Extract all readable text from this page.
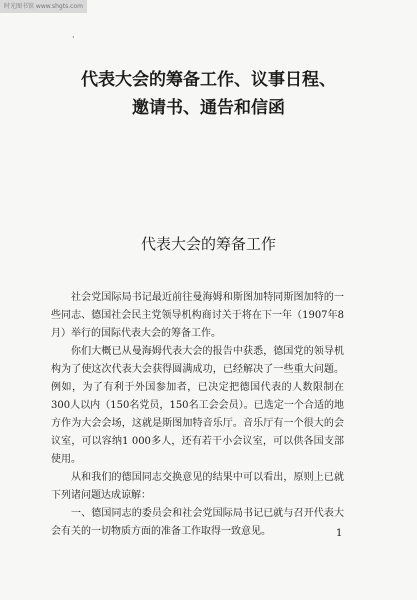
时光图书馆 www.shgts.com
·
代表大会的筹备工作、议事日程、
邀请书、通告和信函
代表大会的筹备工作

社会党国际局书记最近前往曼海姆和斯图加特同斯图加特的一些同志、德国社会民主党领导机构商讨关于将在下一年（1907年8月）举行的国际代表大会的筹备工作。

你们大概已从曼海姆代表大会的报告中获悉，德国党的领导机构为了使这次代表大会获得圆满成功，已经解决了一些重大问题。例如，为了有利于外国参加者，已决定把德国代表的人数限制在300人以内（150名党员，150名工会会员）。已选定一个合适的地方作为大会会场，这就是斯图加特音乐厅。音乐厅有一个很大的会议室，可以容纳1 000多人，还有若干小会议室，可以供各国支部使用。

从和我们的德国同志交换意见的结果中可以看出，原则上已就下列诸问题达成谅解：

一、德国同志的委员会和社会党国际局书记已就与召开代表大会有关的一切物质方面的准备工作取得一致意见。	1
